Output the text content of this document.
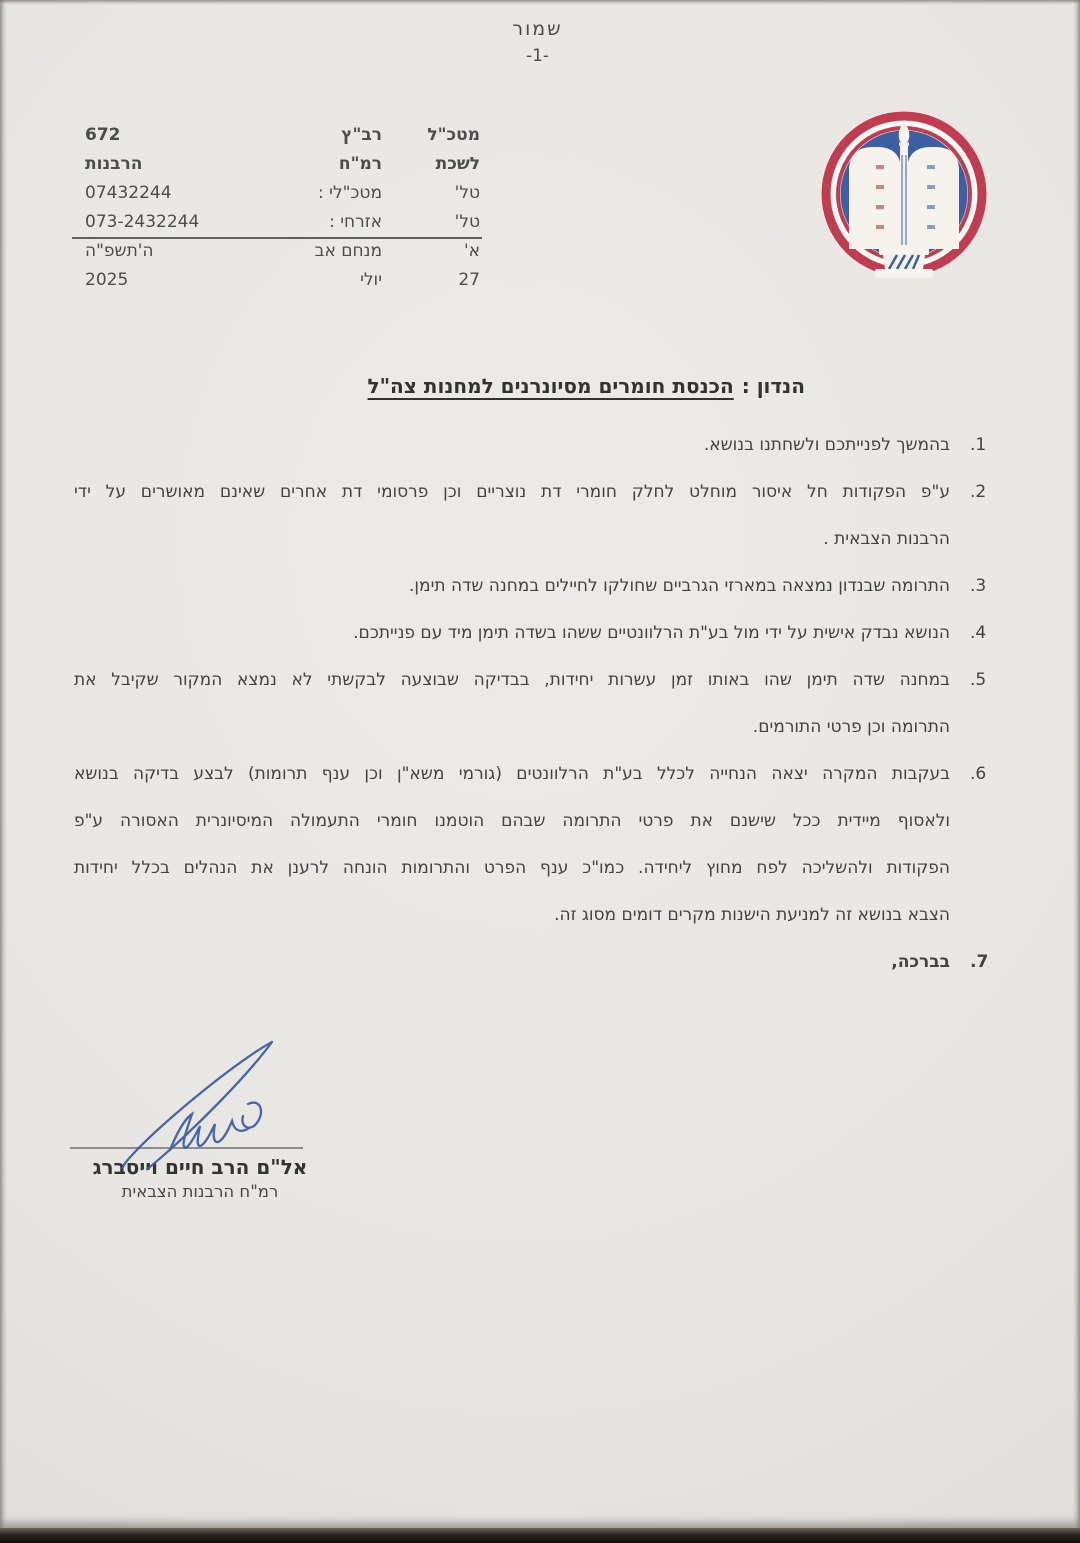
שמור
-1-
מטכ"ל
רב"ץ
672
לשכת
רמ"ח
הרבנות
טל'
מטכ"לי :
07432244
טל'
אזרחי :
073-2432244
א'
מנחם אב
ה'תשפ"ה
27
יולי
2025
הנדון :הכנסת חומרים מסיונרנים למחנות צה"ל
1.
בהמשך לפנייתכם ולשחתנו בנושא.
2.
ע"פ הפקודות חל איסור מוחלט לחלק חומרי דת נוצריים וכן פרסומי דת אחרים שאינם מאושרים על ידי
הרבנות הצבאית .
3.
התרומה שבנדון נמצאה במארזי הגרביים שחולקו לחיילים במחנה שדה תימן.
4.
הנושא נבדק אישית על ידי מול בע"ת הרלוונטיים ששהו בשדה תימן מיד עם פנייתכם.
5.
במחנה שדה תימן שהו באותו זמן עשרות יחידות, בבדיקה שבוצעה לבקשתי לא נמצא המקור שקיבל את
התרומה וכן פרטי התורמים.
6.
בעקבות המקרה יצאה הנחייה לכלל בע"ת הרלוונטים (גורמי משא"ן וכן ענף תרומות) לבצע בדיקה בנושא
ולאסוף מיידית ככל שישנם את פרטי התרומה שבהם הוטמנו חומרי התעמולה המיסיונרית האסורה ע"פ
הפקודות ולהשליכה לפח מחוץ ליחידה. כמו"כ ענף הפרט והתרומות הונחה לרענן את הנהלים בכלל יחידות
הצבא בנושא זה למניעת הישנות מקרים דומים מסוג זה.
7.
בברכה,
אל"ם הרב חיים וייסברג
רמ"ח הרבנות הצבאית
